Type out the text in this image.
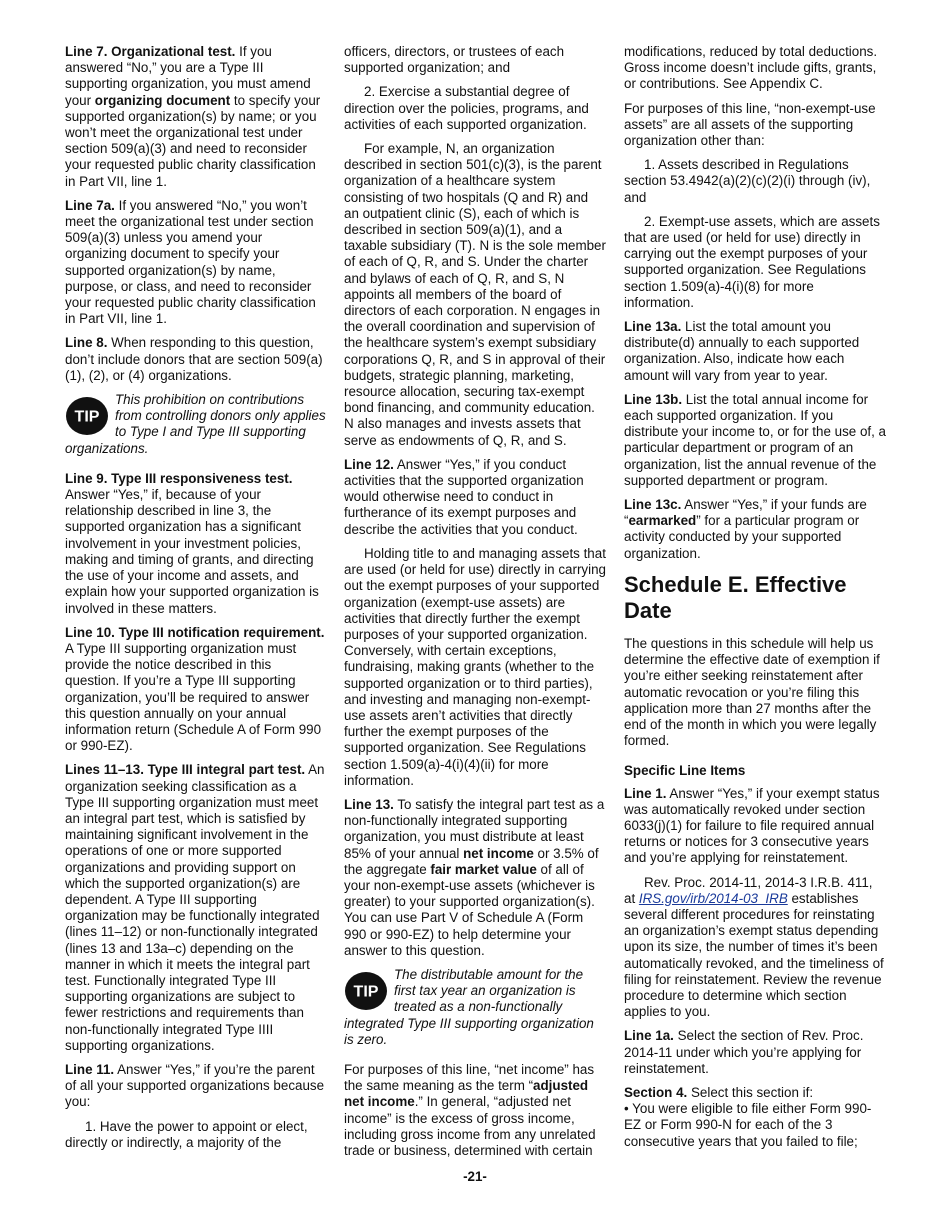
Line 7. Organizational test. If you answered “No,” you are a Type III supporting organization, you must amend your organizing document to specify your supported organization(s) by name; or you won’t meet the organizational test under section 509(a)(3) and need to reconsider your requested public charity classification in Part VII, line 1.

Line 7a. If you answered “No,” you won’t meet the organizational test under section 509(a)(3) unless you amend your organizing document to specify your supported organization(s) by name, purpose, or class, and need to reconsider your requested public charity classification in Part VII, line 1.

Line 8. When responding to this question, don’t include donors that are section 509(a)(1), (2), or (4) organizations.

TIP
This prohibition on contributions from controlling donors only applies to Type I and Type III supporting organizations.

Line 9. Type III responsiveness test. Answer “Yes,” if, because of your relationship described in line 3, the supported organization has a significant involvement in your investment policies, making and timing of grants, and directing the use of your income and assets, and explain how your supported organization is involved in these matters.

Line 10. Type III notification requirement. A Type III supporting organization must provide the notice described in this question. If you’re a Type III supporting organization, you’ll be required to answer this question annually on your annual information return (Schedule A of Form 990 or 990-EZ).

Lines 11–13. Type III integral part test. An organization seeking classification as a Type III supporting organization must meet an integral part test, which is satisfied by maintaining significant involvement in the operations of one or more supported organizations and providing support on which the supported organization(s) are dependent. A Type III supporting organization may be functionally integrated (lines 11–12) or non-functionally integrated (lines 13 and 13a–c) depending on the manner in which it meets the integral part test. Functionally integrated Type III supporting organizations are subject to fewer restrictions and requirements than non-functionally integrated Type IIII supporting organizations.

Line 11. Answer “Yes,” if you’re the parent of all your supported organizations because you:

1. Have the power to appoint or elect, directly or indirectly, a majority of the

officers, directors, or trustees of each supported organization; and

2. Exercise a substantial degree of direction over the policies, programs, and activities of each supported organization.

For example, N, an organization described in section 501(c)(3), is the parent organization of a healthcare system consisting of two hospitals (Q and R) and an outpatient clinic (S), each of which is described in section 509(a)(1), and a taxable subsidiary (T). N is the sole member of each of Q, R, and S. Under the charter and bylaws of each of Q, R, and S, N appoints all members of the board of directors of each corporation. N engages in the overall coordination and supervision of the healthcare system’s exempt subsidiary corporations Q, R, and S in approval of their budgets, strategic planning, marketing, resource allocation, securing tax-exempt bond financing, and community education. N also manages and invests assets that serve as endowments of Q, R, and S.

Line 12. Answer “Yes,” if you conduct activities that the supported organization would otherwise need to conduct in furtherance of its exempt purposes and describe the activities that you conduct.

Holding title to and managing assets that are used (or held for use) directly in carrying out the exempt purposes of your supported organization (exempt-use assets) are activities that directly further the exempt purposes of your supported organization. Conversely, with certain exceptions, fundraising, making grants (whether to the supported organization or to third parties), and investing and managing non-exempt-use assets aren’t activities that directly further the exempt purposes of the supported organization. See Regulations section 1.509(a)-4(i)(4)(ii) for more information.

Line 13. To satisfy the integral part test as a non-functionally integrated supporting organization, you must distribute at least 85% of your annual net income or 3.5% of the aggregate fair market value of all of your non-exempt-use assets (whichever is greater) to your supported organization(s). You can use Part V of Schedule A (Form 990 or 990-EZ) to help determine your answer to this question.

TIP
The distributable amount for the first tax year an organization is treated as a non-functionally integrated Type III supporting organization is zero.

For purposes of this line, “net income” has the same meaning as the term “adjusted net income.” In general, “adjusted net income” is the excess of gross income, including gross income from any unrelated trade or business, determined with certain

modifications, reduced by total deductions. Gross income doesn’t include gifts, grants, or contributions. See Appendix C.

For purposes of this line, “non-exempt-use assets” are all assets of the supporting organization other than:

1. Assets described in Regulations section 53.4942(a)(2)(c)(2)(i) through (iv), and

2. Exempt-use assets, which are assets that are used (or held for use) directly in carrying out the exempt purposes of your supported organization. See Regulations section 1.509(a)-4(i)(8) for more information.

Line 13a. List the total amount you distribute(d) annually to each supported organization. Also, indicate how each amount will vary from year to year.

Line 13b. List the total annual income for each supported organization. If you distribute your income to, or for the use of, a particular department or program of an organization, list the annual revenue of the supported department or program.

Line 13c. Answer “Yes,” if your funds are “earmarked” for a particular program or activity conducted by your supported organization.

Schedule E. Effective Date

The questions in this schedule will help us determine the effective date of exemption if you’re either seeking reinstatement after automatic revocation or you’re filing this application more than 27 months after the end of the month in which you were legally formed.

Specific Line Items

Line 1. Answer “Yes,” if your exempt status was automatically revoked under section 6033(j)(1) for failure to file required annual returns or notices for 3 consecutive years and you’re applying for reinstatement.

Rev. Proc. 2014-11, 2014-3 I.R.B. 411, at IRS.gov/irb/2014-03_IRB establishes several different procedures for reinstating an organization’s exempt status depending upon its size, the number of times it’s been automatically revoked, and the timeliness of filing for reinstatement. Review the revenue procedure to determine which section applies to you.

Line 1a. Select the section of Rev. Proc. 2014-11 under which you’re applying for reinstatement.

Section 4. Select this section if:

• You were eligible to file either Form 990-EZ or Form 990-N for each of the 3 consecutive years that you failed to file;

-21-
